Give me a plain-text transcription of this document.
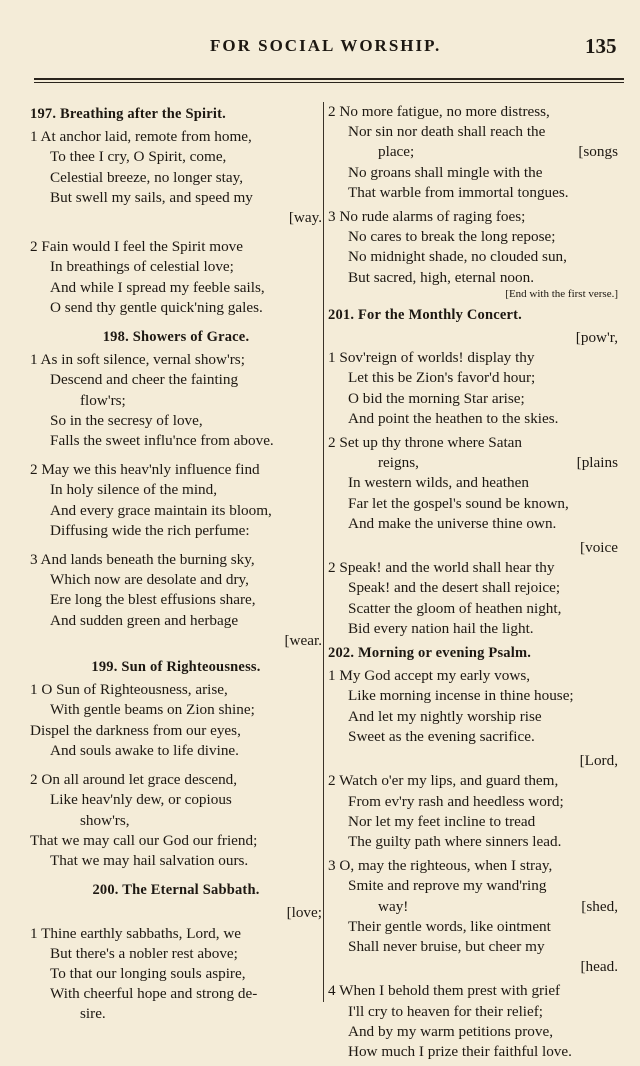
FOR SOCIAL WORSHIP.	135
197. Breathing after the Spirit.
1 At anchor laid, remote from home,
To thee I cry, O Spirit, come,
Celestial breeze, no longer stay,
But swell my sails, and speed my
[way.
2 Fain would I feel the Spirit move
In breathings of celestial love;
And while I spread my feeble sails,
O send thy gentle quick'ning gales.
198. Showers of Grace.
1 As in soft silence, vernal show'rs;
Descend and cheer the fainting
flow'rs;
So in the secresy of love,
Falls the sweet influ'nce from above.
2 May we this heav'nly influence find
In holy silence of the mind,
And every grace maintain its bloom,
Diffusing wide the rich perfume:
3 And lands beneath the burning sky,
Which now are desolate and dry,
Ere long the blest effusions share,
And sudden green and herbage
[wear.
199. Sun of Righteousness.
1 O Sun of Righteousness, arise,
With gentle beams on Zion shine;
Dispel the darkness from our eyes,
And souls awake to life divine.
2 On all around let grace descend,
Like heav'nly dew, or copious
show'rs,
That we may call our God our friend;
That we may hail salvation ours.
200. The Eternal Sabbath.
[love;
1 Thine earthly sabbaths, Lord, we
But there's a nobler rest above;
To that our longing souls aspire,
With cheerful hope and strong de-
sire.
2 No more fatigue, no more distress,
Nor sin nor death shall reach the
place;	[songs
No groans shall mingle with the
That warble from immortal tongues.
3 No rude alarms of raging foes;
No cares to break the long repose;
No midnight shade, no clouded sun,
But sacred, high, eternal noon.
[End with the first verse.]
201. For the Monthly Concert.
[pow'r,
1 Sov'reign of worlds! display thy
Let this be Zion's favor'd hour;
O bid the morning Star arise;
And point the heathen to the skies.
2 Set up thy throne where Satan
reigns,	[plains
In western wilds, and heathen
Far let the gospel's sound be known,
And make the universe thine own.
[voice
2 Speak! and the world shall hear thy
Speak! and the desert shall rejoice;
Scatter the gloom of heathen night,
Bid every nation hail the light.
202. Morning or evening Psalm.
1 My God accept my early vows,
Like morning incense in thine house;
And let my nightly worship rise
Sweet as the evening sacrifice.
[Lord,
2 Watch o'er my lips, and guard them,
From ev'ry rash and heedless word;
Nor let my feet incline to tread
The guilty path where sinners lead.
3 O, may the righteous, when I stray,
Smite and reprove my wand'ring
way!	[shed,
Their gentle words, like ointment
Shall never bruise, but cheer my
[head.
4 When I behold them prest with grief
I'll cry to heaven for their relief;
And by my warm petitions prove,
How much I prize their faithful love.
